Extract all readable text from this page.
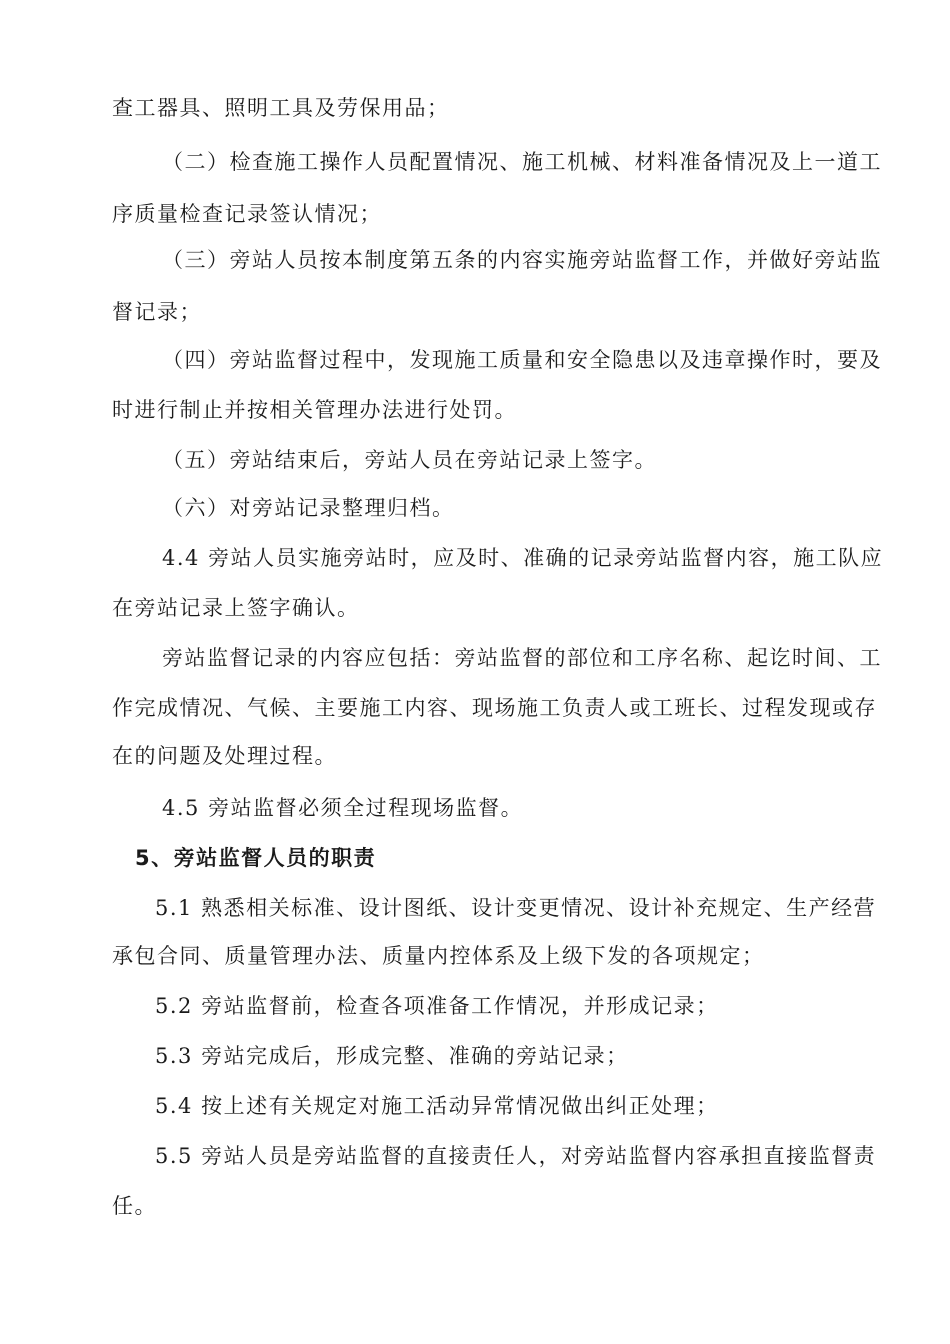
查工器具、照明工具及劳保用品；
（二）检查施工操作人员配置情况、施工机械、材料准备情况及上一道工
序质量检查记录签认情况；
（三）旁站人员按本制度第五条的内容实施旁站监督工作，并做好旁站监
督记录；
（四）旁站监督过程中，发现施工质量和安全隐患以及违章操作时，要及
时进行制止并按相关管理办法进行处罚。
（五）旁站结束后，旁站人员在旁站记录上签字。
（六）对旁站记录整理归档。
4.4 旁站人员实施旁站时，应及时、准确的记录旁站监督内容，施工队应
在旁站记录上签字确认。
旁站监督记录的内容应包括：旁站监督的部位和工序名称、起讫时间、工
作完成情况、气候、主要施工内容、现场施工负责人或工班长、过程发现或存
在的问题及处理过程。
4.5 旁站监督必须全过程现场监督。
5、旁站监督人员的职责
5.1 熟悉相关标准、设计图纸、设计变更情况、设计补充规定、生产经营
承包合同、质量管理办法、质量内控体系及上级下发的各项规定；
5.2 旁站监督前，检查各项准备工作情况，并形成记录；
5.3 旁站完成后，形成完整、准确的旁站记录；
5.4 按上述有关规定对施工活动异常情况做出纠正处理；
5.5 旁站人员是旁站监督的直接责任人，对旁站监督内容承担直接监督责
任。
